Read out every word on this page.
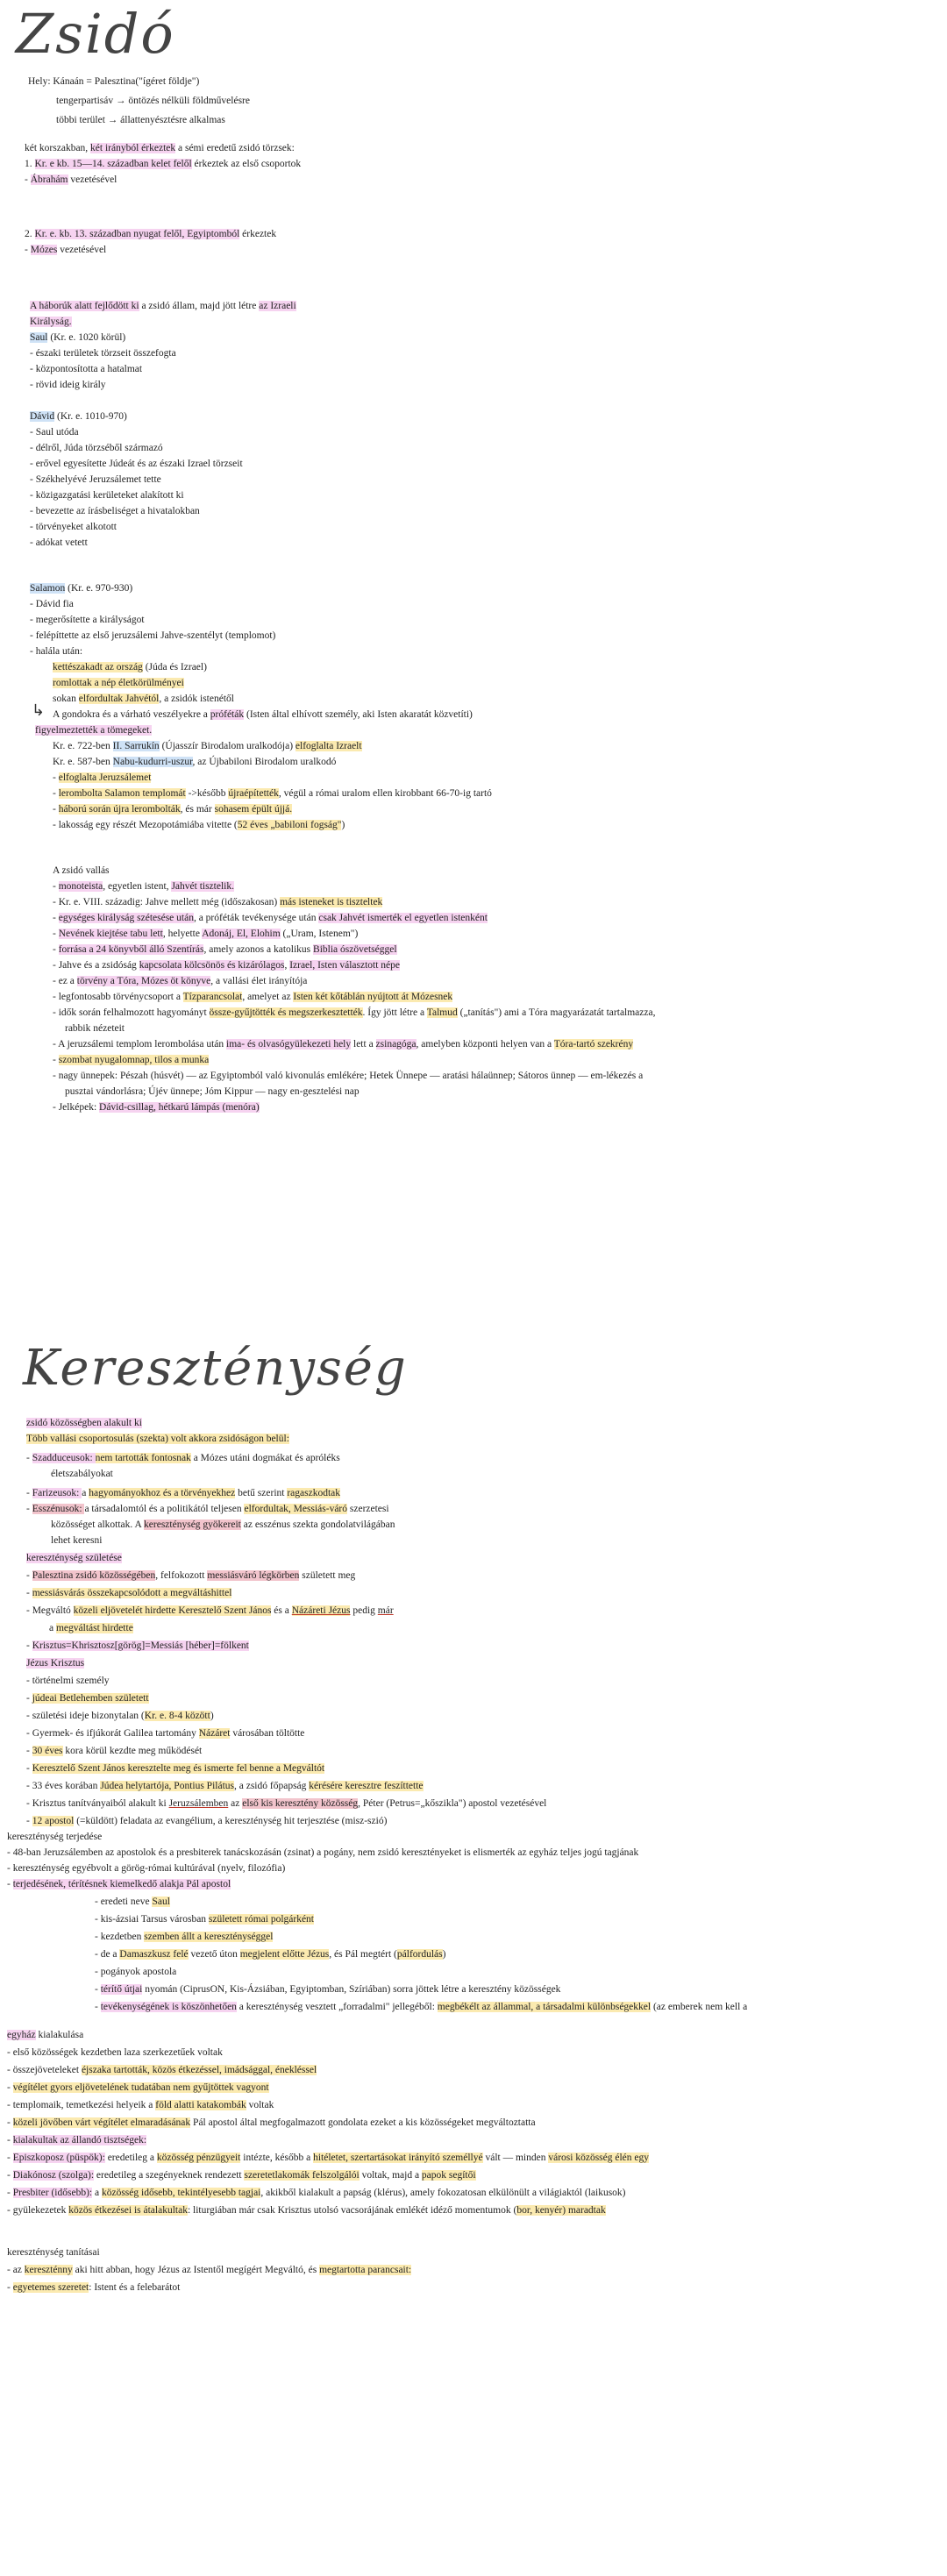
Zsidó
↳
Hely: Kánaán = Palesztina("ígéret földje")
tengerpartisáv → öntözés nélküli földművelésre
többi terület → állattenyésztésre alkalmas
két korszakban, két irányból érkeztek a sémi eredetű zsidó törzsek:
1. Kr. e kb. 15—14. században kelet felől érkeztek az első csoportok
- Ábrahám vezetésével
2. Kr. e. kb. 13. században nyugat felől, Egyiptomból érkeztek
- Mózes vezetésével
A háborúk alatt fejlődött ki a zsidó állam, majd jött létre az Izraeli
Királyság.
Saul (Kr. e. 1020 körül)
- északi területek törzseit összefogta
- központosította a hatalmat
- rövid ideig király
Dávid (Kr. e. 1010-970)
- Saul utóda
- délről, Júda törzséből származó
- erővel egyesítette Júdeát és az északi Izrael törzseit
- Székhelyévé Jeruzsálemet tette
- közigazgatási kerületeket alakított ki
- bevezette az írásbeliséget a hivatalokban
- törvényeket alkotott
- adókat vetett
Salamon (Kr. e. 970-930)
- Dávid fia
- megerősítette a királyságot
- felépíttette az első jeruzsálemi Jahve-szentélyt (templomot)
- halála után:
kettészakadt az ország (Júda és Izrael)
romlottak a nép életkörülményei
sokan elfordultak Jahvétól, a zsidók istenétől
A gondokra és a várható veszélyekre a próféták (Isten által elhívott személy, aki Isten akaratát közvetíti)
figyelmeztették a tömegeket.
Kr. e. 722-ben II. Sarrukín (Újasszír Birodalom uralkodója) elfoglalta Izraelt
Kr. e. 587-ben Nabu-kudurri-uszur, az Újbabiloni Birodalom uralkodó
- elfoglalta Jeruzsálemet
- lerombolta Salamon templomát ->később újraépítették, végül a római uralom ellen kirobbant 66-70-ig tartó
- háború során újra lerombolták, és már sohasem épült újjá.
- lakosság egy részét Mezopotámiába vitette (52 éves „babiloni fogság")
A zsidó vallás
- monoteista, egyetlen istent, Jahvét tisztelik.
- Kr. e. VIII. századig: Jahve mellett még (időszakosan) más isteneket is tiszteltek
- egységes királyság szétesése után, a próféták tevékenysége után csak Jahvét ismerték el egyetlen istenként
- Nevének kiejtése tabu lett, helyette Adonáj, El, Elohim („Uram, Istenem")
- forrása a 24 könyvből álló Szentírás, amely azonos a katolikus Biblia ószövetséggel
- Jahve és a zsidóság kapcsolata kölcsönös és kizárólagos, Izrael, Isten választott népe
- ez a törvény a Tóra, Mózes öt könyve, a vallási élet irányítója
- legfontosabb törvénycsoport a Tízparancsolat, amelyet az Isten két kőtáblán nyújtott át Mózesnek
- idők során felhalmozott hagyományt össze-gyűjtötték és megszerkesztették. Így jött létre a Talmud („tanítás") ami a Tóra magyarázatát tartalmazza,
rabbik nézeteit
- A jeruzsálemi templom lerombolása után ima- és olvasógyülekezeti hely lett a zsinagóga, amelyben központi helyen van a Tóra-tartó szekrény
- szombat nyugalomnap, tilos a munka
- nagy ünnepek: Pészah (húsvét) — az Egyiptomból való kivonulás emlékére; Hetek Ünnepe — aratási hálaünnep; Sátoros ünnep — em-lékezés a
pusztai vándorlásra; Újév ünnepe; Jóm Kippur — nagy en-gesztelési nap
- Jelképek: Dávid-csillag, hétkarú lámpás (menóra)
Kereszténység
zsidó közösségben alakult ki
Több vallási csoportosulás (szekta) volt akkora zsidóságon belül:
- Szadduceusok: nem tartották fontosnak a Mózes utáni dogmákat és apróléks
életszabályokat
- Farizeusok: a hagyományokhoz és a törvényekhez betű szerint ragaszkodtak
- Esszénusok: a társadalomtól és a politikától teljesen elfordultak, Messiás-váró szerzetesi
közösséget alkottak. A kereszténység gyökereit az esszénus szekta gondolatvilágában
lehet keresni
kereszténység születése
- Palesztina zsidó közösségében, felfokozott messiásváró légkörben született meg
- messiásvárás összekapcsolódott a megváltáshittel
- Megváltó közeli eljövetelét hirdette Keresztelő Szent János és a Názáreti Jézus pedig már
a megváltást hirdette
- Krisztus=Khrisztosz[görög]=Messiás [héber]=fölkent
Jézus Krisztus
- történelmi személy
- júdeai Betlehemben született
- születési ideje bizonytalan (Kr. e. 8-4 között)
- Gyermek- és ifjúkorát Galilea tartomány Názáret városában töltötte
- 30 éves kora körül kezdte meg működését
- Keresztelő Szent János keresztelte meg és ismerte fel benne a Megváltót
- 33 éves korában Júdea helytartója, Pontius Pilátus, a zsidó főpapság kérésére keresztre feszíttette
- Krisztus tanítványaiból alakult ki Jeruzsálemben az első kis keresztény közösség, Péter (Petrus=„kőszikla") apostol vezetésével
- 12 apostol (=küldött) feladata az evangélium, a kereszténység hit terjesztése (misz-szió)
kereszténység terjedése
- 48-ban Jeruzsálemben az apostolok és a presbiterek tanácskozásán (zsinat) a pogány, nem zsidó keresztényeket is elismerték az egyház teljes jogú tagjának
- kereszténység egyébvolt a görög-római kultúrával (nyelv, filozófia)
- terjedésének, térítésnek kiemelkedő alakja Pál apostol
- eredeti neve Saul
- kis-ázsiai Tarsus városban született római polgárként
- kezdetben szemben állt a kereszténységgel
- de a Damaszkusz felé vezető úton megjelent előtte Jézus, és Pál megtért (pálfordulás)
- pogányok apostola
- térítő útjai nyomán (CiprusON, Kis-Ázsiában, Egyiptomban, Szíriában) sorra jöttek létre a keresztény közösségek
- tevékenységének is köszönhetően a kereszténység vesztett „forradalmi" jellegéből: megbékélt az állammal, a társadalmi különbségekkel (az emberek nem kell a
egyház kialakulása
- első közösségek kezdetben laza szerkezetűek voltak
- összejöveteleket éjszaka tartották, közös étkezéssel, imádsággal, énekléssel
- végítélet gyors eljövetelének tudatában nem gyűjtöttek vagyont
- templomaik, temetkezési helyeik a föld alatti katakombák voltak
- közeli jövőben várt végítélet elmaradásának Pál apostol által megfogalmazott gondolata ezeket a kis közösségeket megváltoztatta
- kialakultak az állandó tisztségek:
- Episzkoposz (püspök): eredetileg a közösség pénzügyeit intézte, később a hitéletet, szertartásokat irányító személlyé vált — minden városi közösség élén egy
- Diakónosz (szolga): eredetileg a szegényeknek rendezett szeretetlakomák felszolgálói voltak, majd a papok segítői
- Presbiter (idősebb): a közösség idősebb, tekintélyesebb tagjai, akikből kialakult a papság (klérus), amely fokozatosan elkülönült a világiaktól (laikusok)
- gyülekezetek közös étkezései is átalakultak: liturgiában már csak Krisztus utolsó vacsorájának emlékét idéző momentumok (bor, kenyér) maradtak
kereszténység tanításai
- az kereszténny aki hitt abban, hogy Jézus az Istentől megígért Megváltó, és megtartotta parancsait:
- egyetemes szeretet: Istent és a felebarátot
